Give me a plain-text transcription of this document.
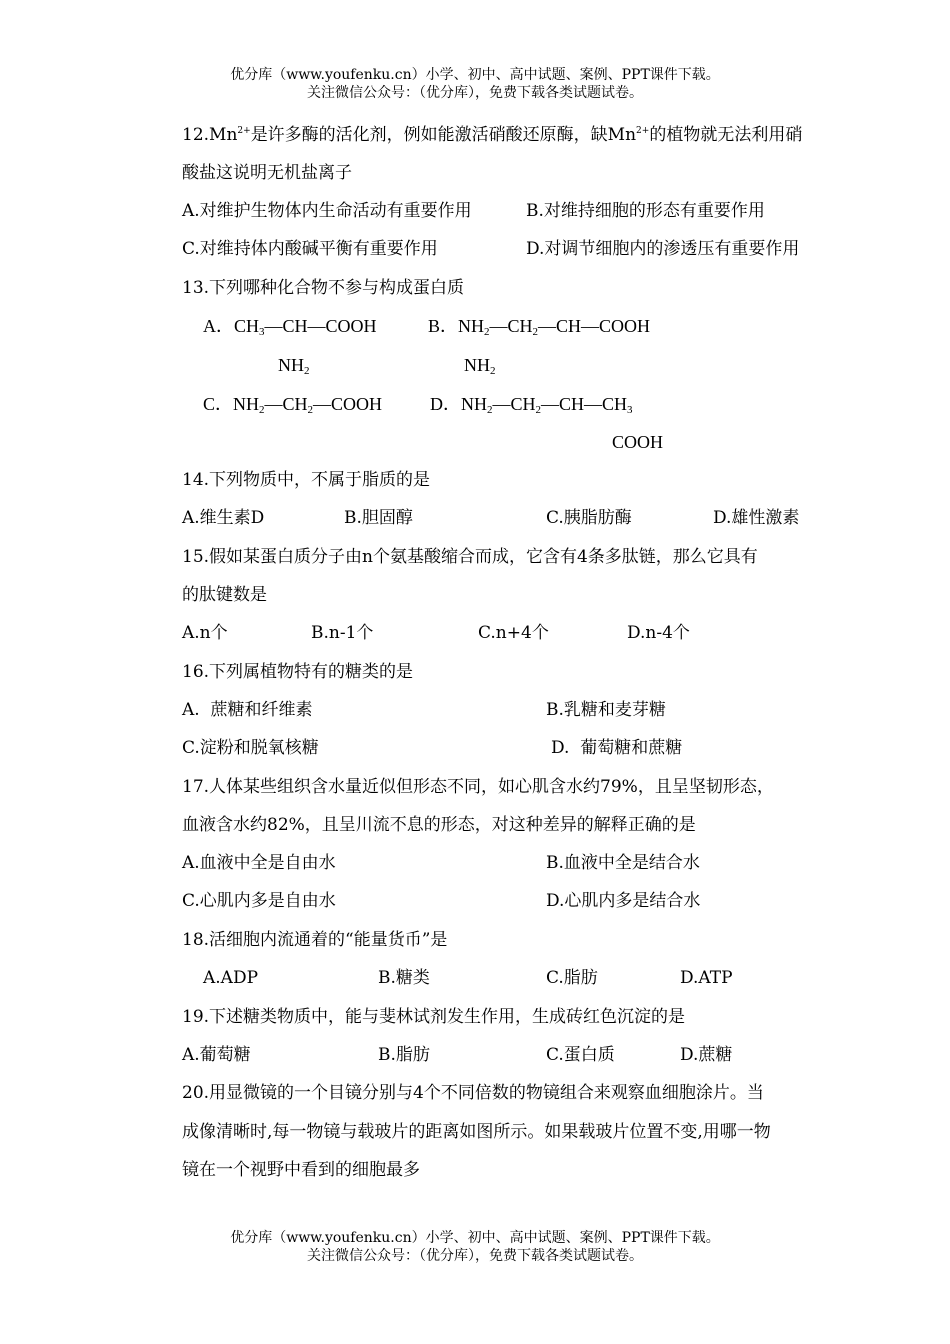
优分库（www.youfenku.cn）小学、初中、高中试题、案例、PPT课件下载。
关注微信公众号：（优分库），免费下载各类试题试卷。
$12.Mn^{2+}$是许多酶的活化剂，例如能激活硝酸还原酶，缺$Mn^{2+}$的植物就无法利用硝
酸盐这说明无机盐离子
A.对维护生物体内生命活动有重要作用	B.对维持细胞的形态有重要作用
C.对维持体内酸碱平衡有重要作用	D.对调节细胞内的渗透压有重要作用
13.下列哪种化合物不参与构成蛋白质
A．$CH_3—CH—COOH$
$NH_2$
B．$NH_2—CH_2—CH—COOH$
$NH_2$
C．$NH_2—CH_2—COOH$	D．$NH_2—CH_2—CH—CH_3$
COOH
14.下列物质中，不属于脂质的是
A.维生素D	B.胆固醇	C.胰脂肪酶	D.雄性激素
15.假如某蛋白质分子由n个氨基酸缩合而成，它含有4条多肽链，那么它具有
的肽键数是
A.n个	B.n-1个	C.n+4个	D.n-4个
16.下列属植物特有的糖类的是
A.  蔗糖和纤维素	B.乳糖和麦芽糖
C.淀粉和脱氧核糖	D.  葡萄糖和蔗糖
17.人体某些组织含水量近似但形态不同，如心肌含水约79%，且呈坚韧形态，
血液含水约82%，且呈川流不息的形态，对这种差异的解释正确的是
A.血液中全是自由水	B.血液中全是结合水
C.心肌内多是自由水	D.心肌内多是结合水
18.活细胞内流通着的“能量货币”是
A.ADP	B.糖类	C.脂肪	D.ATP
19.下述糖类物质中，能与斐林试剂发生作用，生成砖红色沉淀的是
A.葡萄糖	B.脂肪	C.蛋白质	D.蔗糖
20.用显微镜的一个目镜分别与4个不同倍数的物镜组合来观察血细胞涂片。当
成像清晰时,每一物镜与载玻片的距离如图所示。如果载玻片位置不变,用哪一物
镜在一个视野中看到的细胞最多
优分库（www.youfenku.cn）小学、初中、高中试题、案例、PPT课件下载。
关注微信公众号：（优分库），免费下载各类试题试卷。
